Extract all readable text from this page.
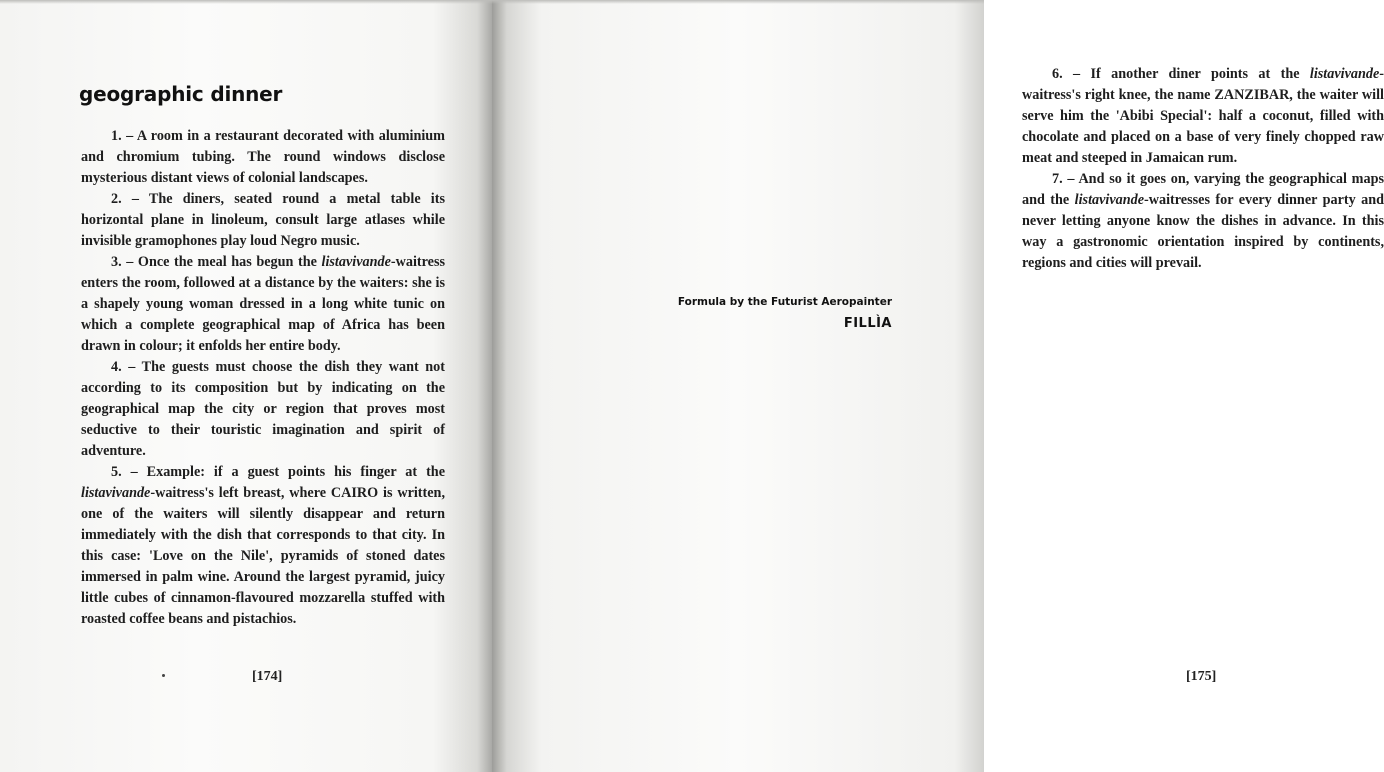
geographic dinner

1. – A room in a restaurant decorated with aluminium and chromium tubing. The round windows disclose mysterious distant views of colonial landscapes.

2. – The diners, seated round a metal table its horizontal plane in linoleum, consult large atlases while invisible gramophones play loud Negro music.

3. – Once the meal has begun the listavivande-waitress enters the room, followed at a distance by the waiters: she is a shapely young woman dressed in a long white tunic on which a complete geographical map of Africa has been drawn in colour; it enfolds her entire body.

4. – The guests must choose the dish they want not according to its composition but by indicating on the geographical map the city or region that proves most seductive to their touristic imagination and spirit of adventure.

5. – Example: if a guest points his finger at the listavivande-waitress's left breast, where CAIRO is written, one of the waiters will silently disappear and return immediately with the dish that corresponds to that city. In this case: 'Love on the Nile', pyramids of stoned dates immersed in palm wine. Around the largest pyramid, juicy little cubes of cinnamon-flavoured mozzarella stuffed with roasted coffee beans and pistachios.

[174]

6. – If another diner points at the listavivande-waitress's right knee, the name ZANZIBAR, the waiter will serve him the 'Abibi Special': half a coconut, filled with chocolate and placed on a base of very finely chopped raw meat and steeped in Jamaican rum.

7. – And so it goes on, varying the geographical maps and the listavivande-waitresses for every dinner party and never letting anyone know the dishes in advance. In this way a gastronomic orientation inspired by continents, regions and cities will prevail.

Formula by the Futurist Aeropainter
FILLÌA
[175]
